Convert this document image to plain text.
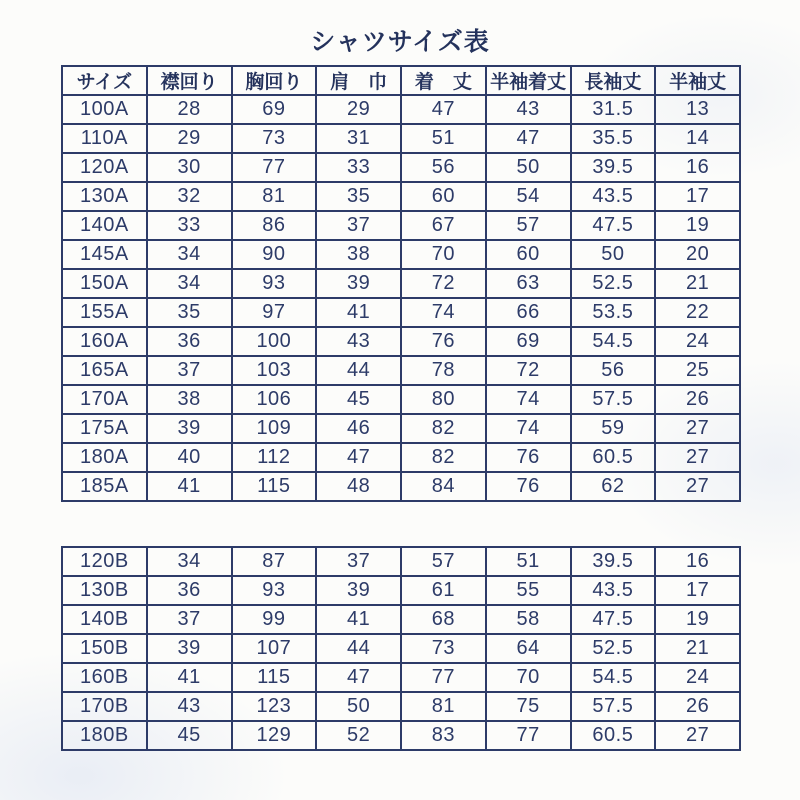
シャツサイズ表
サイズ	襟回り	胸回り	肩　巾	着　丈	半袖着丈	長袖丈	半袖丈
100A	28	69	29	47	43	31.5	13
110A	29	73	31	51	47	35.5	14
120A	30	77	33	56	50	39.5	16
130A	32	81	35	60	54	43.5	17
140A	33	86	37	67	57	47.5	19
145A	34	90	38	70	60	50	20
150A	34	93	39	72	63	52.5	21
155A	35	97	41	74	66	53.5	22
160A	36	100	43	76	69	54.5	24
165A	37	103	44	78	72	56	25
170A	38	106	45	80	74	57.5	26
175A	39	109	46	82	74	59	27
180A	40	112	47	82	76	60.5	27
185A	41	115	48	84	76	62	27
120B	34	87	37	57	51	39.5	16
130B	36	93	39	61	55	43.5	17
140B	37	99	41	68	58	47.5	19
150B	39	107	44	73	64	52.5	21
160B	41	115	47	77	70	54.5	24
170B	43	123	50	81	75	57.5	26
180B	45	129	52	83	77	60.5	27
